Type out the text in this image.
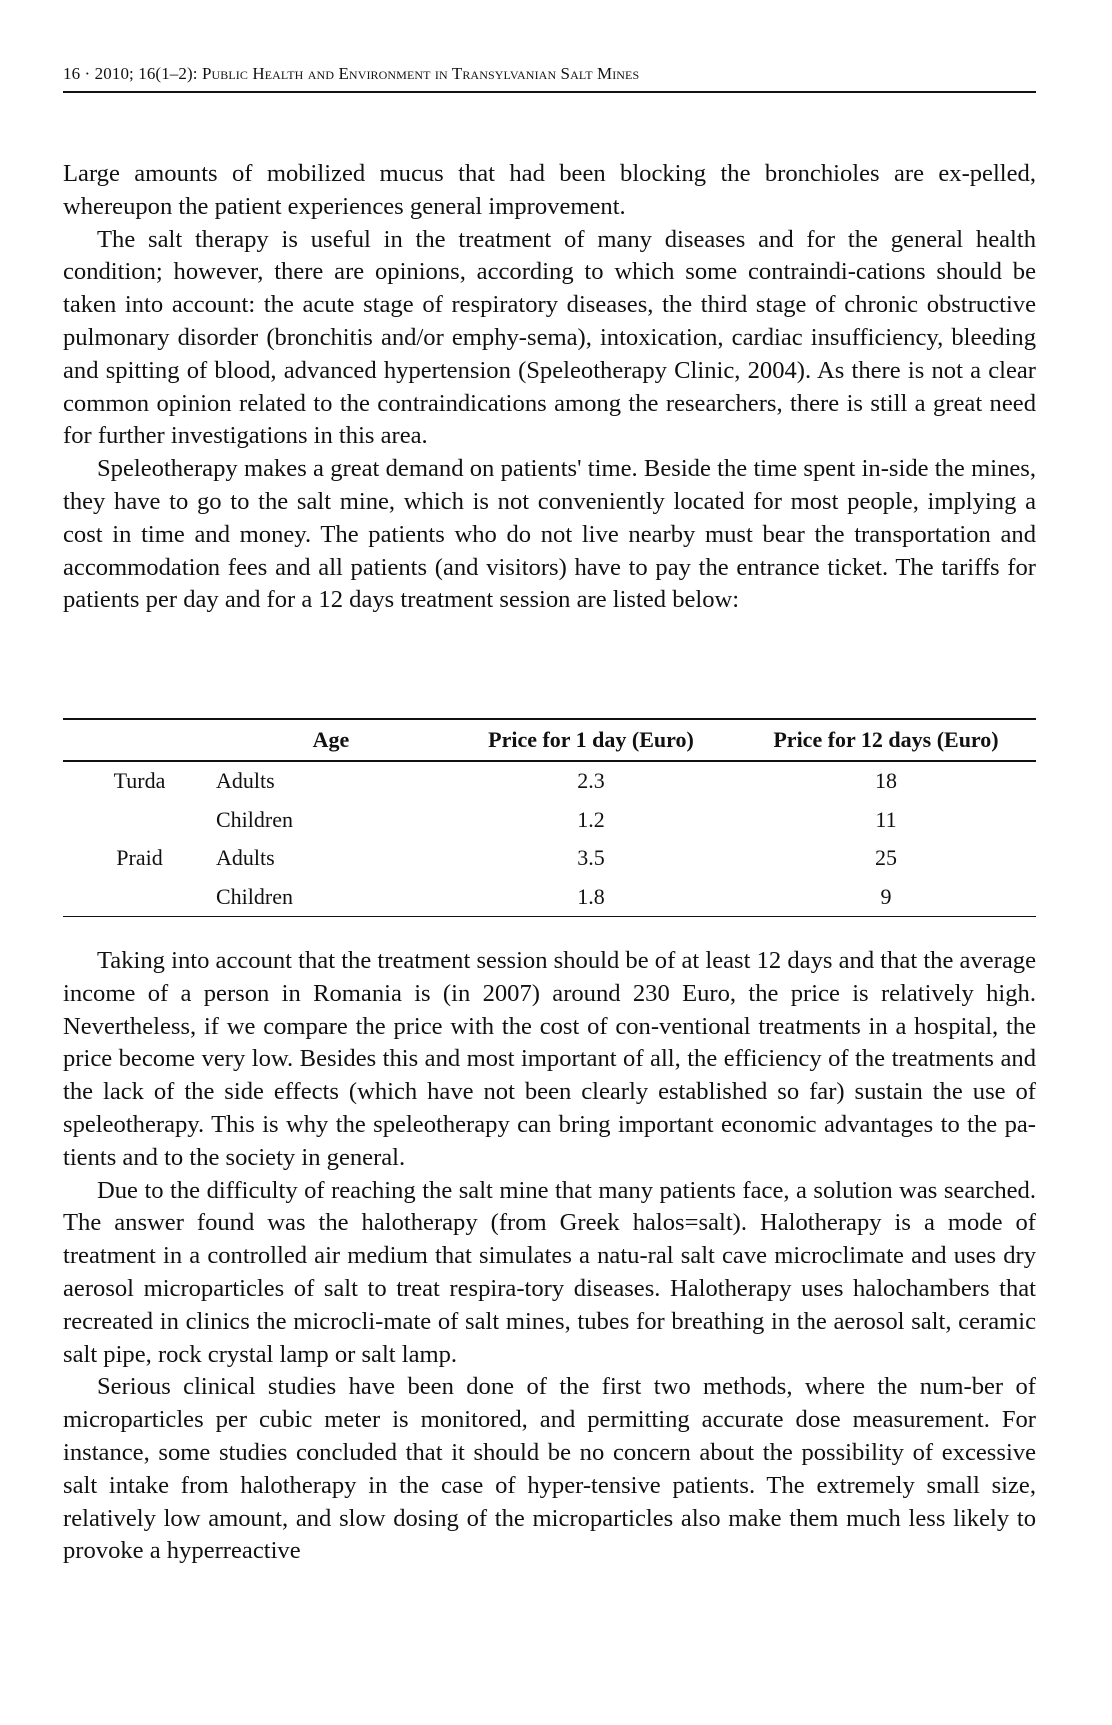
16 · 2010; 16(1–2): Public Health and Environment in Transylvanian Salt Mines

Large amounts of mobilized mucus that had been blocking the bronchioles are ex-pelled, whereupon the patient experiences general improvement.

The salt therapy is useful in the treatment of many diseases and for the general health condition; however, there are opinions, according to which some contraindi-cations should be taken into account: the acute stage of respiratory diseases, the third stage of chronic obstructive pulmonary disorder (bronchitis and/or emphy-sema), intoxication, cardiac insufficiency, bleeding and spitting of blood, advanced hypertension (Speleotherapy Clinic, 2004). As there is not a clear common opinion related to the contraindications among the researchers, there is still a great need for further investigations in this area.

Speleotherapy makes a great demand on patients' time. Beside the time spent in-side the mines, they have to go to the salt mine, which is not conveniently located for most people, implying a cost in time and money. The patients who do not live nearby must bear the transportation and accommodation fees and all patients (and visitors) have to pay the entrance ticket. The tariffs for patients per day and for a 12 days treatment session are listed below:

	Age	Price for 1 day (Euro)	Price for 12 days (Euro)
Turda	Adults	2.3	18
	Children	1.2	11
Praid	Adults	3.5	25
	Children	1.8	9

Taking into account that the treatment session should be of at least 12 days and that the average income of a person in Romania is (in 2007) around 230 Euro, the price is relatively high. Nevertheless, if we compare the price with the cost of con-ventional treatments in a hospital, the price become very low. Besides this and most important of all, the efficiency of the treatments and the lack of the side effects (which have not been clearly established so far) sustain the use of speleotherapy. This is why the speleotherapy can bring important economic advantages to the pa-tients and to the society in general.

Due to the difficulty of reaching the salt mine that many patients face, a solution was searched. The answer found was the halotherapy (from Greek halos=salt). Halotherapy is a mode of treatment in a controlled air medium that simulates a natu-ral salt cave microclimate and uses dry aerosol microparticles of salt to treat respira-tory diseases. Halotherapy uses halochambers that recreated in clinics the microcli-mate of salt mines, tubes for breathing in the aerosol salt, ceramic salt pipe, rock crystal lamp or salt lamp.

Serious clinical studies have been done of the first two methods, where the num-ber of microparticles per cubic meter is monitored, and permitting accurate dose measurement. For instance, some studies concluded that it should be no concern about the possibility of excessive salt intake from halotherapy in the case of hyper-tensive patients. The extremely small size, relatively low amount, and slow dosing of the microparticles also make them much less likely to provoke a hyperreactive
